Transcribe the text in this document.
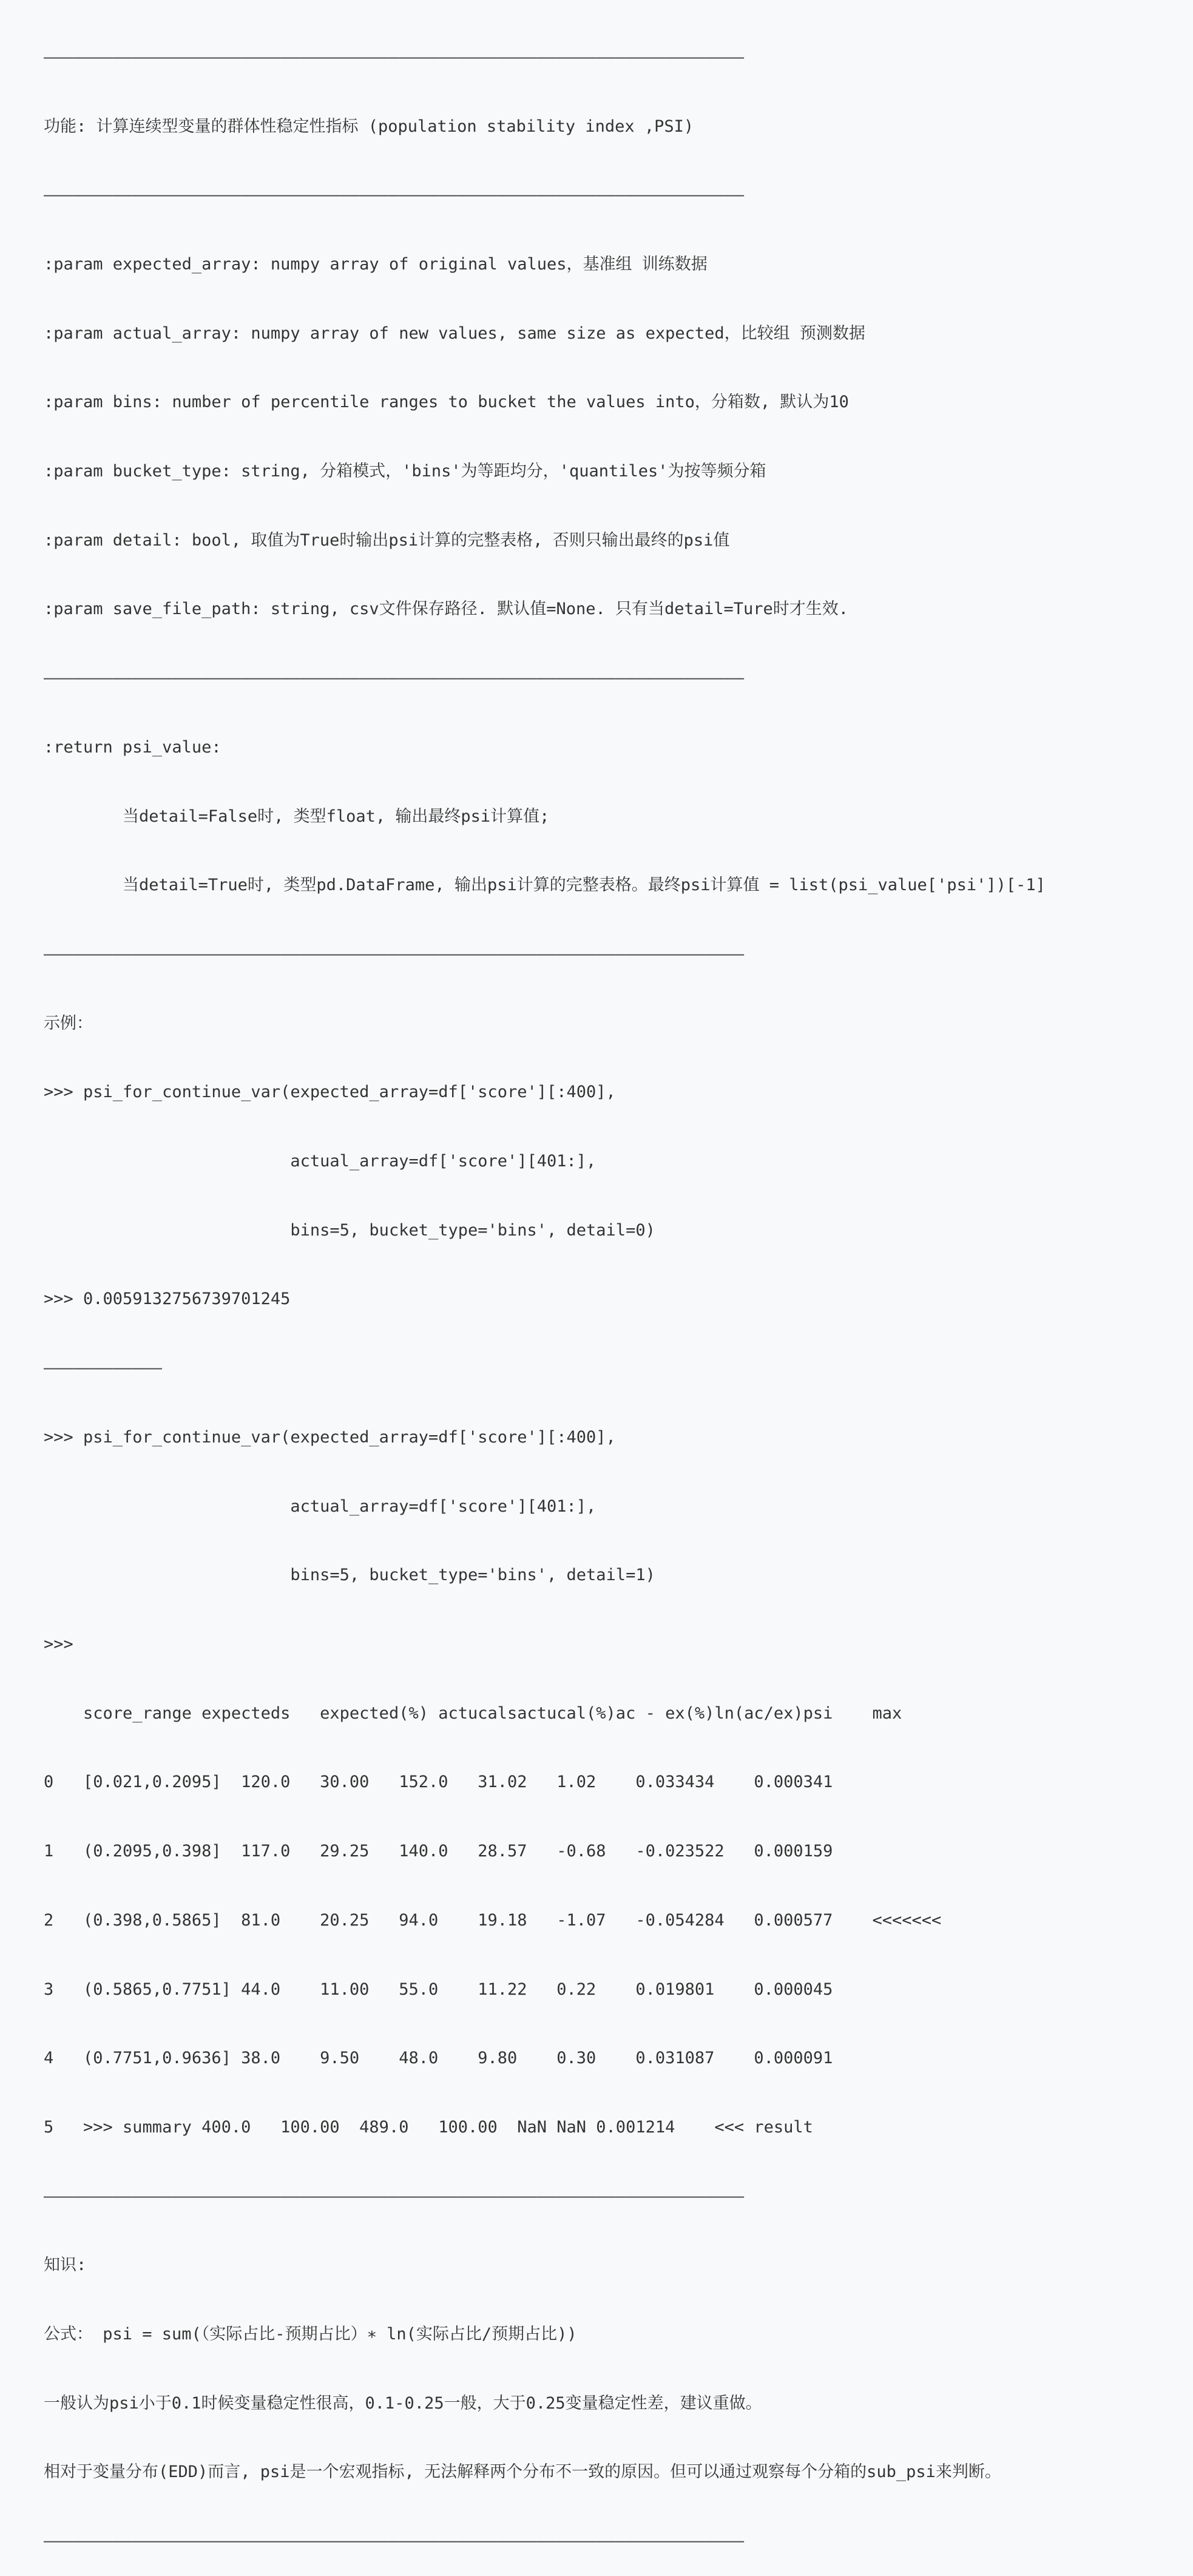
———————————————————————————————————————————————————————————————————————

功能: 计算连续型变量的群体性稳定性指标 (population stability index ,PSI)

———————————————————————————————————————————————————————————————————————

:param expected_array: numpy array of original values，基准组 训练数据

:param actual_array: numpy array of new values, same size as expected，比较组 预测数据

:param bins: number of percentile ranges to bucket the values into，分箱数, 默认为10

:param bucket_type: string, 分箱模式，'bins'为等距均分，'quantiles'为按等频分箱

:param detail: bool, 取值为True时输出psi计算的完整表格, 否则只输出最终的psi值

:param save_file_path: string, csv文件保存路径. 默认值=None. 只有当detail=Ture时才生效.

———————————————————————————————————————————————————————————————————————

:return psi_value:

当detail=False时, 类型float, 输出最终psi计算值;

当detail=True时, 类型pd.DataFrame, 输出psi计算的完整表格。最终psi计算值 = list(psi_value['psi'])[-1]

———————————————————————————————————————————————————————————————————————

示例：

>>> psi_for_continue_var(expected_array=df['score'][:400],

actual_array=df['score'][401:],

bins=5, bucket_type='bins', detail=0)

>>> 0.0059132756739701245

————————————

>>> psi_for_continue_var(expected_array=df['score'][:400],

actual_array=df['score'][401:],

bins=5, bucket_type='bins', detail=1)

>>>

score_range expecteds   expected(%) actucalsactucal(%)ac - ex(%)ln(ac/ex)psi    max

0   [0.021,0.2095]  120.0   30.00   152.0   31.02   1.02    0.033434    0.000341

1   (0.2095,0.398]  117.0   29.25   140.0   28.57   -0.68   -0.023522   0.000159

2   (0.398,0.5865]  81.0    20.25   94.0    19.18   -1.07   -0.054284   0.000577    <<<<<<<

3   (0.5865,0.7751] 44.0    11.00   55.0    11.22   0.22    0.019801    0.000045

4   (0.7751,0.9636] 38.0    9.50    48.0    9.80    0.30    0.031087    0.000091

5   >>> summary 400.0   100.00  489.0   100.00  NaN NaN 0.001214    <<< result

———————————————————————————————————————————————————————————————————————

知识:

公式： psi = sum(（实际占比-预期占比）∗ ln(实际占比/预期占比))

一般认为psi小于0.1时候变量稳定性很高，0.1-0.25一般，大于0.25变量稳定性差，建议重做。

相对于变量分布(EDD)而言, psi是一个宏观指标, 无法解释两个分布不一致的原因。但可以通过观察每个分箱的sub_psi来判断。

———————————————————————————————————————————————————————————————————————
